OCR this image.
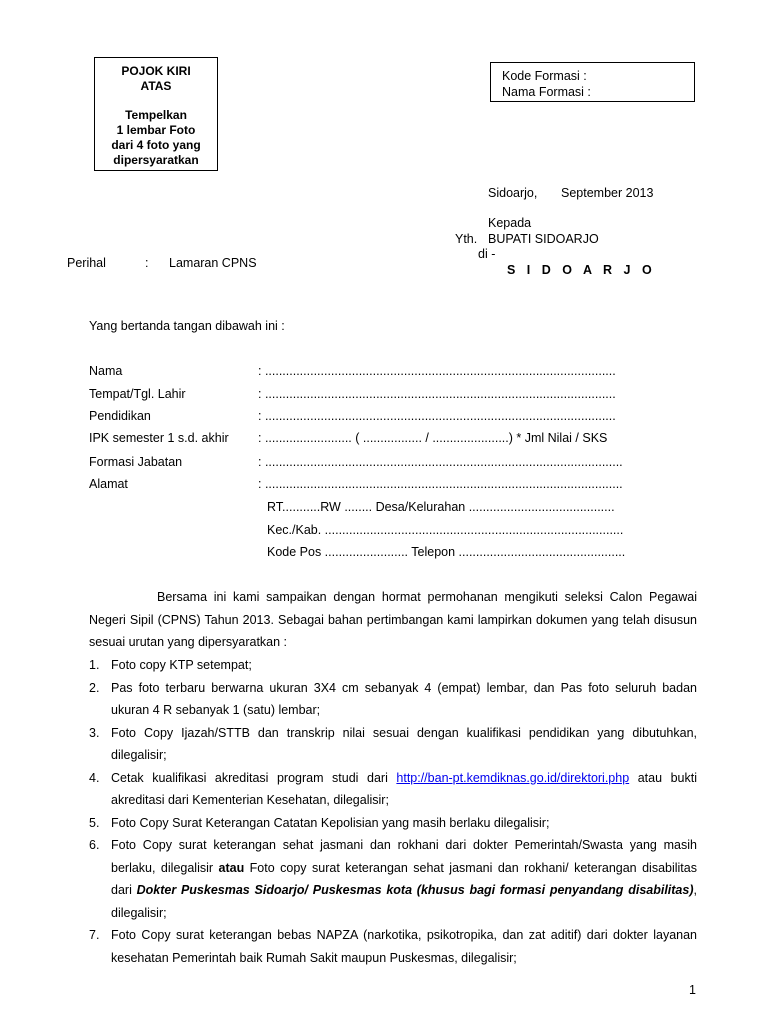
POJOK KIRI
ATAS
Tempelkan
1 lembar Foto
dari 4 foto yang
dipersyaratkan
Kode Formasi :
Nama Formasi :
Sidoarjo, September 2013
Kepada
Yth. BUPATI SIDOARJO
di -
S I D O A R J O
Perihal	: Lamaran CPNS
Yang bertanda tangan dibawah ini :
Nama	: .....................................................................................................
Tempat/Tgl. Lahir	: .....................................................................................................
Pendidikan	: .....................................................................................................
IPK semester 1 s.d. akhir : ......................... ( ................. / ......................) * Jml Nilai / SKS
Formasi Jabatan	: .......................................................................................................
Alamat	: .......................................................................................................
RT...........RW ........ Desa/Kelurahan ..........................................
Kec./Kab. ......................................................................................
Kode Pos ........................ Telepon ................................................
Bersama ini kami sampaikan dengan hormat permohanan mengikuti seleksi Calon Pegawai Negeri Sipil (CPNS) Tahun 2013. Sebagai bahan pertimbangan kami lampirkan dokumen yang telah disusun sesuai urutan yang dipersyaratkan :
1. Foto copy KTP setempat;
2. Pas foto terbaru berwarna ukuran 3X4 cm sebanyak 4 (empat) lembar, dan Pas foto seluruh badan ukuran 4 R sebanyak 1 (satu) lembar;
3. Foto Copy Ijazah/STTB dan transkrip nilai sesuai dengan kualifikasi pendidikan yang dibutuhkan, dilegalisir;
4. Cetak kualifikasi akreditasi program studi dari http://ban-pt.kemdiknas.go.id/direktori.php atau bukti akreditasi dari Kementerian Kesehatan, dilegalisir;
5. Foto Copy Surat Keterangan Catatan Kepolisian yang masih berlaku dilegalisir;
6. Foto Copy surat keterangan sehat jasmani dan rokhani dari dokter Pemerintah/Swasta yang masih berlaku, dilegalisir atau Foto copy surat keterangan sehat jasmani dan rokhani/ keterangan disabilitas dari Dokter Puskesmas Sidoarjo/ Puskesmas kota (khusus bagi formasi penyandang disabilitas), dilegalisir;
7. Foto Copy surat keterangan bebas NAPZA (narkotika, psikotropika, dan zat aditif) dari dokter layanan kesehatan Pemerintah baik Rumah Sakit maupun Puskesmas, dilegalisir;
1
